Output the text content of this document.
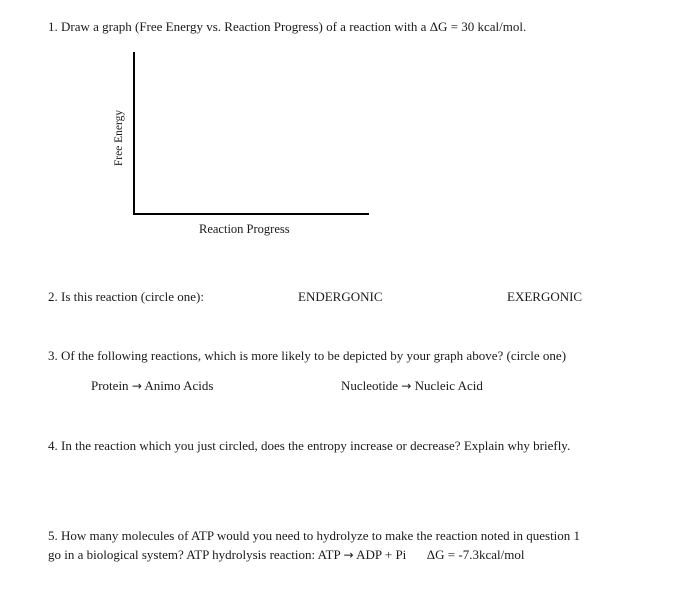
1. Draw a graph (Free Energy vs. Reaction Progress) of a reaction with a ΔG = 30 kcal/mol.
Free Energy
Reaction Progress
2. Is this reaction (circle one):	ENDERGONIC	EXERGONIC
3. Of the following reactions, which is more likely to be depicted by your graph above? (circle one)
Protein → Animo Acids	Nucleotide → Nucleic Acid
4. In the reaction which you just circled, does the entropy increase or decrease? Explain why briefly.
5. How many molecules of ATP would you need to hydrolyze to make the reaction noted in question 1
go in a biological system? ATP hydrolysis reaction: ATP → ADP + Pi ΔG = -7.3kcal/mol
